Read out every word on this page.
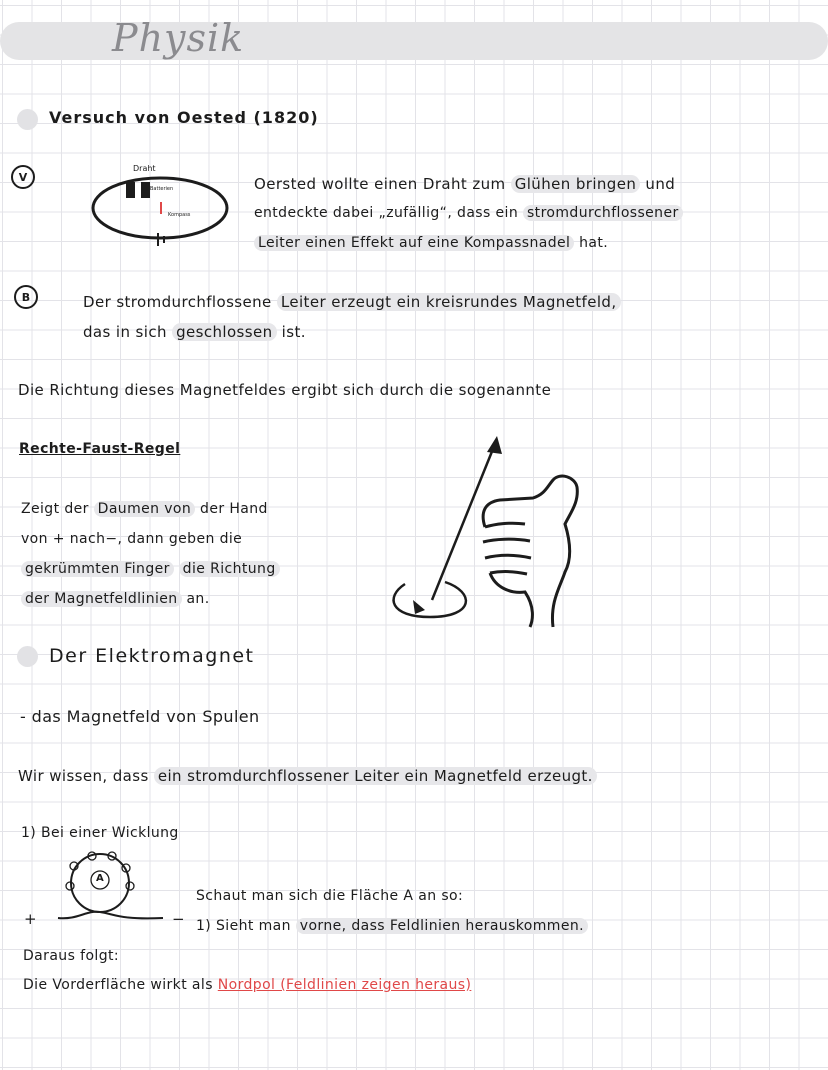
Physik
Versuch von Oested (1820)
V
Draht
Batterien
Kompass
Oersted wollte einen Draht zum Glühen bringen und
entdeckte dabei „zufällig“, dass ein stromdurchflossener
Leiter einen Effekt auf eine Kompassnadel hat.
B	Der stromdurchflossene Leiter erzeugt ein kreisrundes Magnetfeld,
das in sich geschlossen ist.
Die Richtung dieses Magnetfeldes ergibt sich durch die sogenannte
Rechte-Faust-Regel
Zeigt der Daumen von der Hand
von + nach−, dann geben die
gekrümmten Finger die Richtung
der Magnetfeldlinien an.
Der Elektromagnet
- das Magnetfeld von Spulen
Wir wissen, dass ein stromdurchflossener Leiter ein Magnetfeld erzeugt.
1) Bei einer Wicklung
A
+	−
Schaut man sich die Fläche A an so:
1) Sieht man vorne, dass Feldlinien herauskommen.
Daraus folgt:
Die Vorderfläche wirkt als Nordpol (Feldlinien zeigen heraus)
